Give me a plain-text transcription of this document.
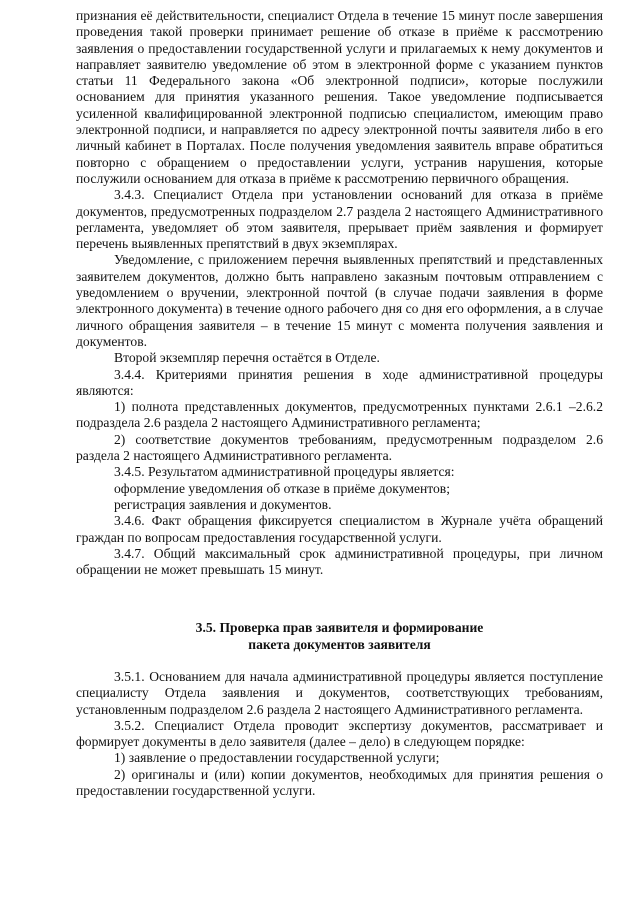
признания её действительности, специалист Отдела в течение 15 минут после завершения проведения такой проверки принимает решение об отказе в приёме к рассмотрению заявления о предоставлении государственной услуги и прилагаемых к нему документов и направляет заявителю уведомление об этом в электронной форме с указанием пунктов статьи 11 Федерального закона «Об электронной подписи», которые послужили основанием для принятия указанного решения. Такое уведомление подписывается усиленной квалифицированной электронной подписью специалистом, имеющим право электронной подписи, и направляется по адресу электронной почты заявителя либо в его личный кабинет в Порталах. После получения уведомления заявитель вправе обратиться повторно с обращением о предоставлении услуги, устранив нарушения, которые послужили основанием для отказа в приёме к рассмотрению первичного обращения.

3.4.3. Специалист Отдела при установлении оснований для отказа в приёме документов, предусмотренных подразделом 2.7 раздела 2 настоящего Административного регламента, уведомляет об этом заявителя, прерывает приём заявления и формирует перечень выявленных препятствий в двух экземплярах.

Уведомление, с приложением перечня выявленных препятствий и представленных заявителем документов, должно быть направлено заказным почтовым отправлением с уведомлением о вручении, электронной почтой (в случае подачи заявления в форме электронного документа) в течение одного рабочего дня со дня его оформления, а в случае личного обращения заявителя – в течение 15 минут с момента получения заявления и документов.

Второй экземпляр перечня остаётся в Отделе.

3.4.4. Критериями принятия решения в ходе административной процедуры являются:

1) полнота представленных документов, предусмотренных пунктами 2.6.1 –2.6.2 подраздела 2.6 раздела 2 настоящего Административного регламента;

2) соответствие документов требованиям, предусмотренным подразделом 2.6 раздела 2 настоящего Административного регламента.

3.4.5. Результатом административной процедуры является:

оформление уведомления об отказе в приёме документов;

регистрация заявления и документов.

3.4.6. Факт обращения фиксируется специалистом в Журнале учёта обращений граждан по вопросам предоставления государственной услуги.

3.4.7. Общий максимальный срок административной процедуры, при личном обращении не может превышать 15 минут.

3.5. Проверка прав заявителя и формирование
пакета документов заявителя

3.5.1. Основанием для начала административной процедуры является поступление специалисту Отдела заявления и документов, соответствующих требованиям, установленным подразделом 2.6 раздела 2 настоящего Административного регламента.

3.5.2. Специалист Отдела проводит экспертизу документов, рассматривает и формирует документы в дело заявителя (далее – дело) в следующем порядке:

1) заявление о предоставлении государственной услуги;

2) оригиналы и (или) копии документов, необходимых для принятия решения о предоставлении государственной услуги.
